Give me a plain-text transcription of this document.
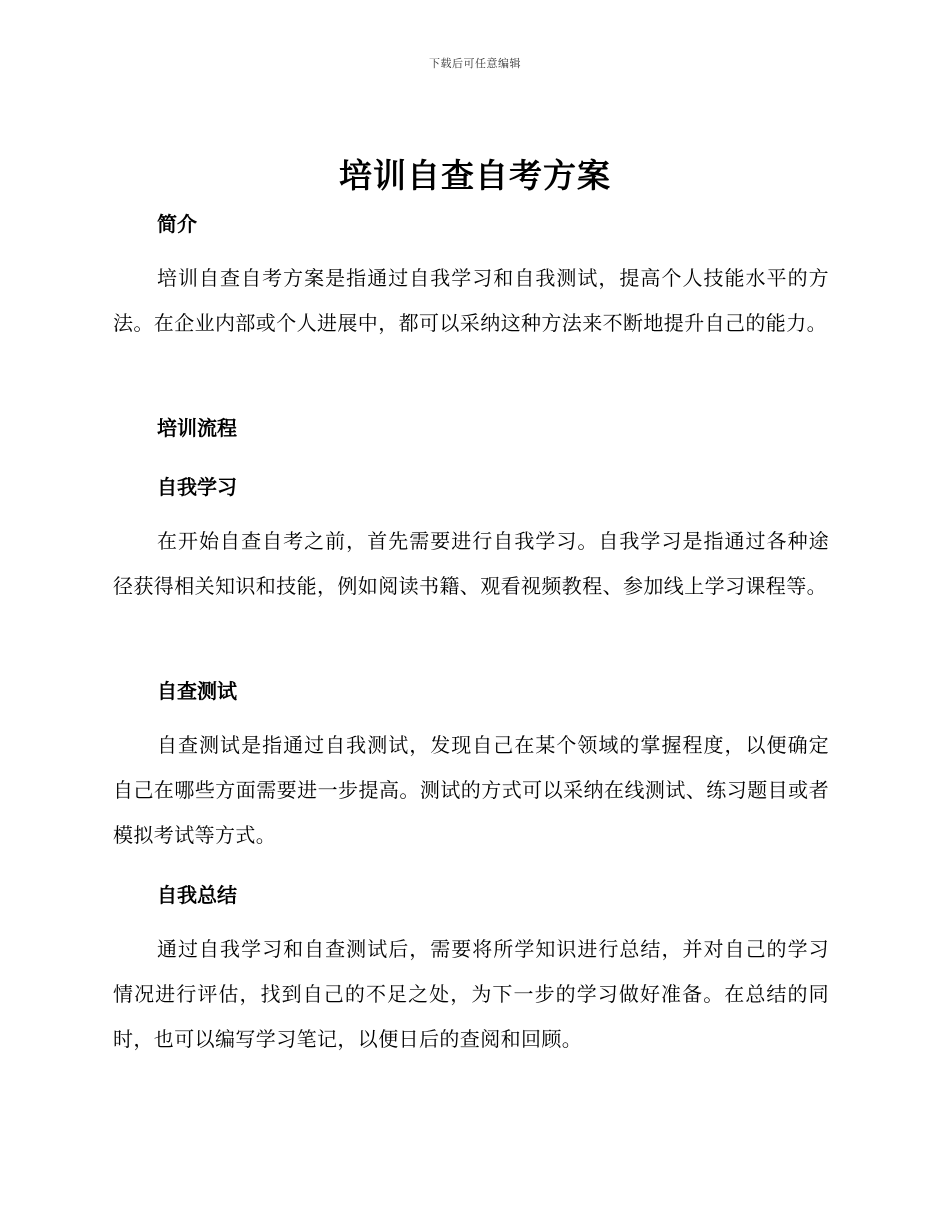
下载后可任意编辑
培训自查自考方案
简介

培训自查自考方案是指通过自我学习和自我测试，提高个人技能水平的方法。在企业内部或个人进展中，都可以采纳这种方法来不断地提升自己的能力。

培训流程
自我学习

在开始自查自考之前，首先需要进行自我学习。自我学习是指通过各种途径获得相关知识和技能，例如阅读书籍、观看视频教程、参加线上学习课程等。

自查测试

自查测试是指通过自我测试，发现自己在某个领域的掌握程度，以便确定自己在哪些方面需要进一步提高。测试的方式可以采纳在线测试、练习题目或者模拟考试等方式。

自我总结

通过自我学习和自查测试后，需要将所学知识进行总结，并对自己的学习情况进行评估，找到自己的不足之处，为下一步的学习做好准备。在总结的同时，也可以编写学习笔记，以便日后的查阅和回顾。
